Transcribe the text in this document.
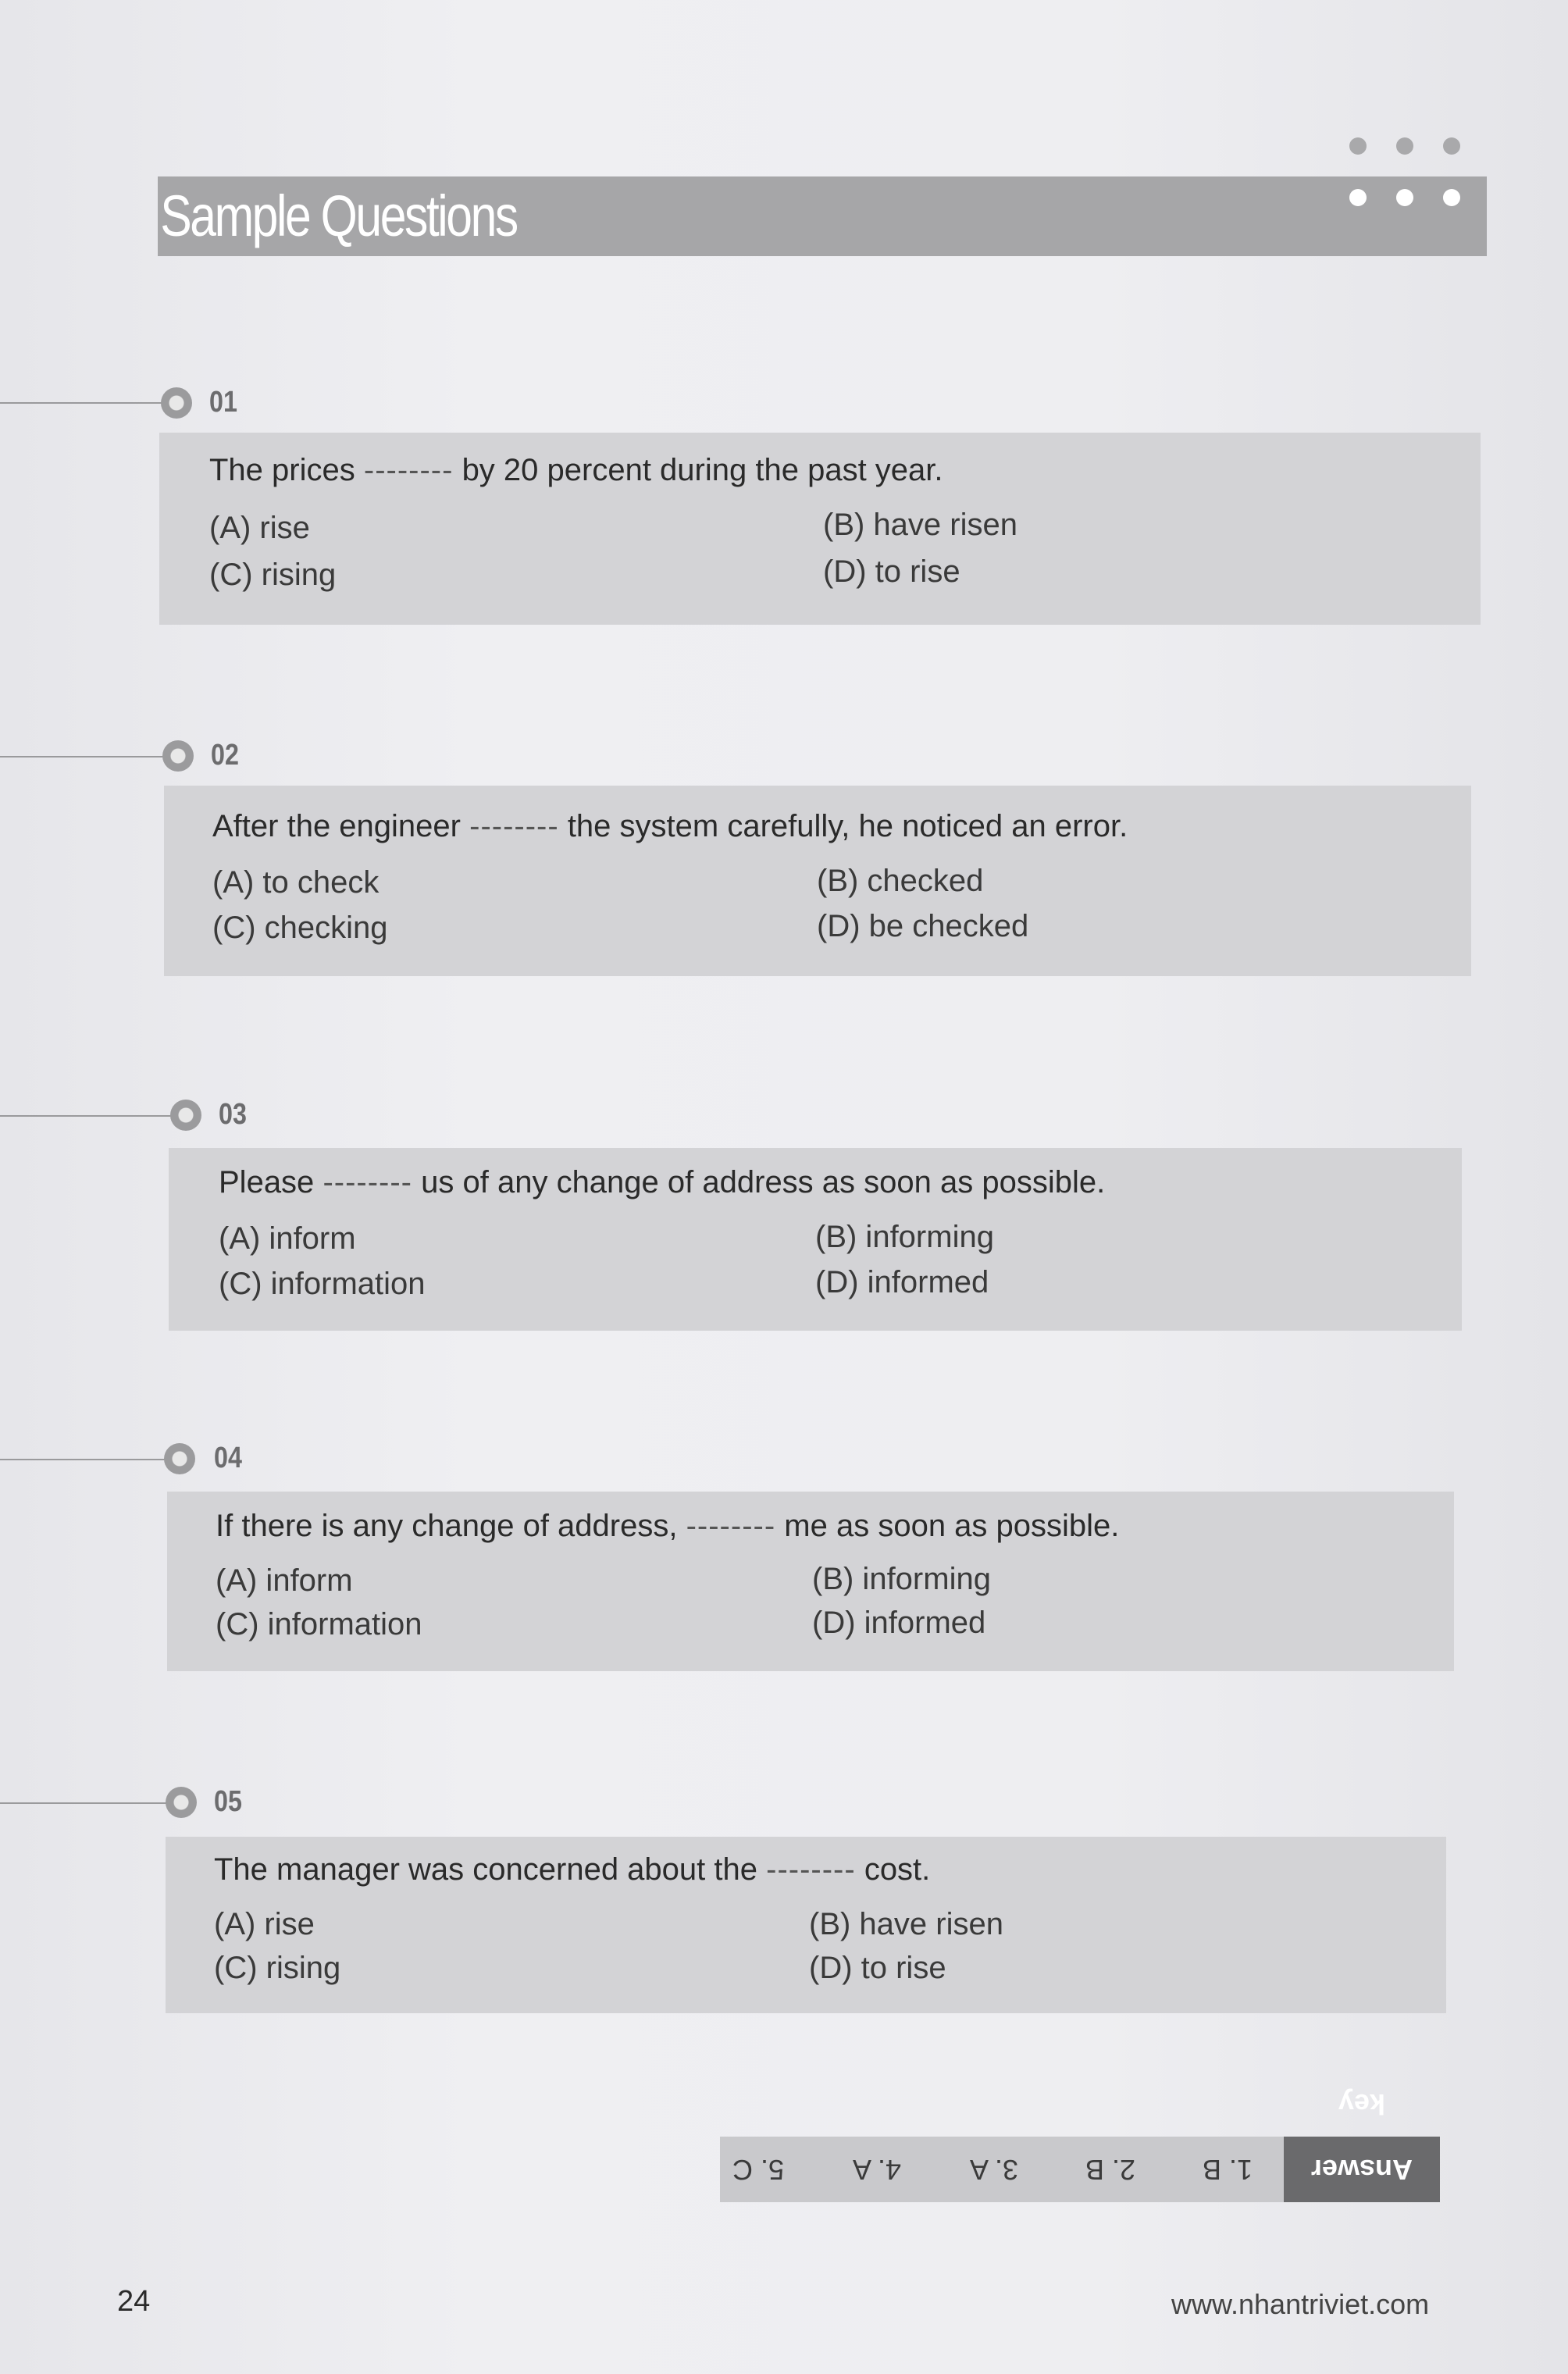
Sample Questions
01
The prices -------- by 20 percent during the past year.
(A) rise	(B) have risen
(C) rising	(D) to rise
02
After the engineer -------- the system carefully, he noticed an error.
(A) to check	(B) checked
(C) checking	(D) be checked
03
Please -------- us of any change of address as soon as possible.
(A) inform	(B) informing
(C) information	(D) informed
04
If there is any change of address, -------- me as soon as possible.
(A) inform	(B) informing
(C) information	(D) informed
05
The manager was concerned about the -------- cost.
(A) rise	(B) have risen
(C) rising	(D) to rise
Answer key
1. B
2. B
3. A
4. A
5. C
24	www.nhantriviet.com
